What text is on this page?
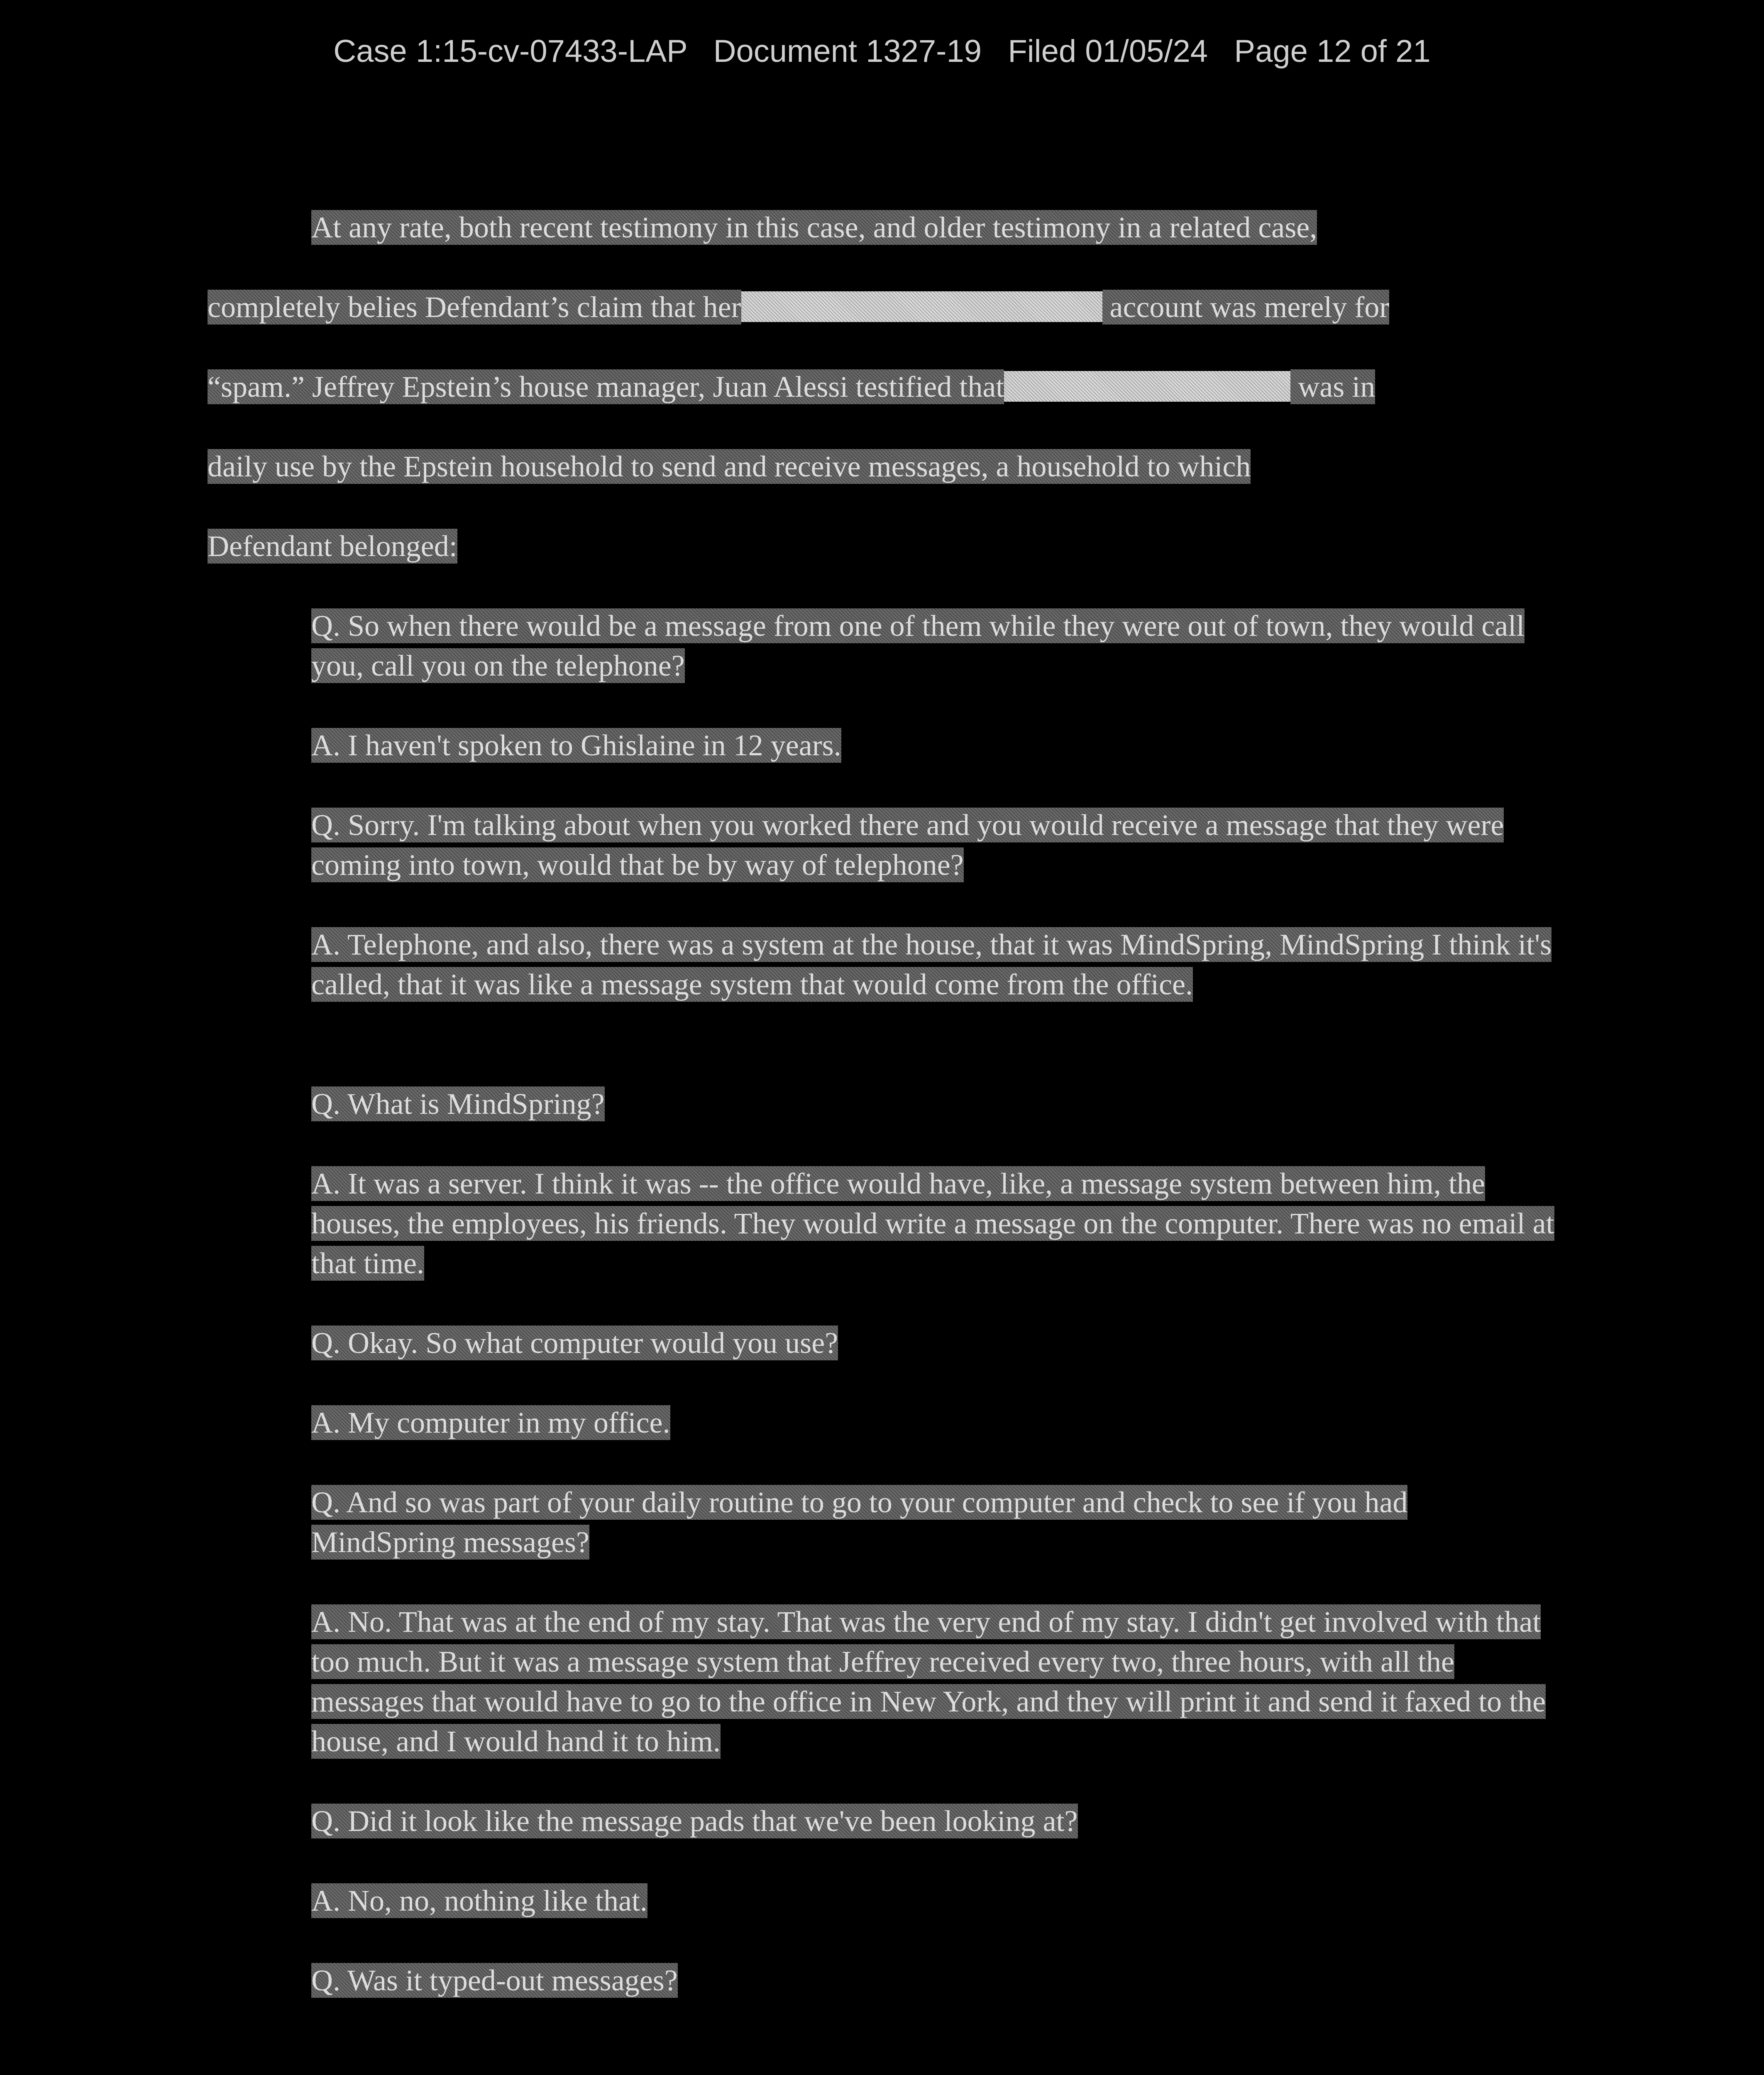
Case 1:15-cv-07433-LAP   Document 1327-19   Filed 01/05/24   Page 12 of 21
At any rate, both recent testimony in this case, and older testimony in a related case,
completely belies Defendant’s claim that her	account was merely for
“spam.” Jeffrey Epstein’s house manager, Juan Alessi testified that	was in
daily use by the Epstein household to send and receive messages, a household to which
Defendant belonged:
Q. So when there would be a message from one of them while they were out of town, they would call you, call you on the telephone?
A. I haven't spoken to Ghislaine in 12 years.
Q. Sorry. I'm talking about when you worked there and you would receive a message that they were coming into town, would that be by way of telephone?
A. Telephone, and also, there was a system at the house, that it was MindSpring, MindSpring I think it's called, that it was like a message system that would come from the office.
Q. What is MindSpring?
A. It was a server. I think it was -- the office would have, like, a message system between him, the houses, the employees, his friends. They would write a message on the computer. There was no email at that time.
Q. Okay. So what computer would you use?
A. My computer in my office.
Q. And so was part of your daily routine to go to your computer and check to see if you had MindSpring messages?
A. No. That was at the end of my stay. That was the very end of my stay. I didn't get involved with that too much. But it was a message system that Jeffrey received every two, three hours, with all the messages that would have to go to the office in New York, and they will print it and send it faxed to the house, and I would hand it to him.
Q. Did it look like the message pads that we've been looking at?
A. No, no, nothing like that.
Q. Was it typed-out messages?
